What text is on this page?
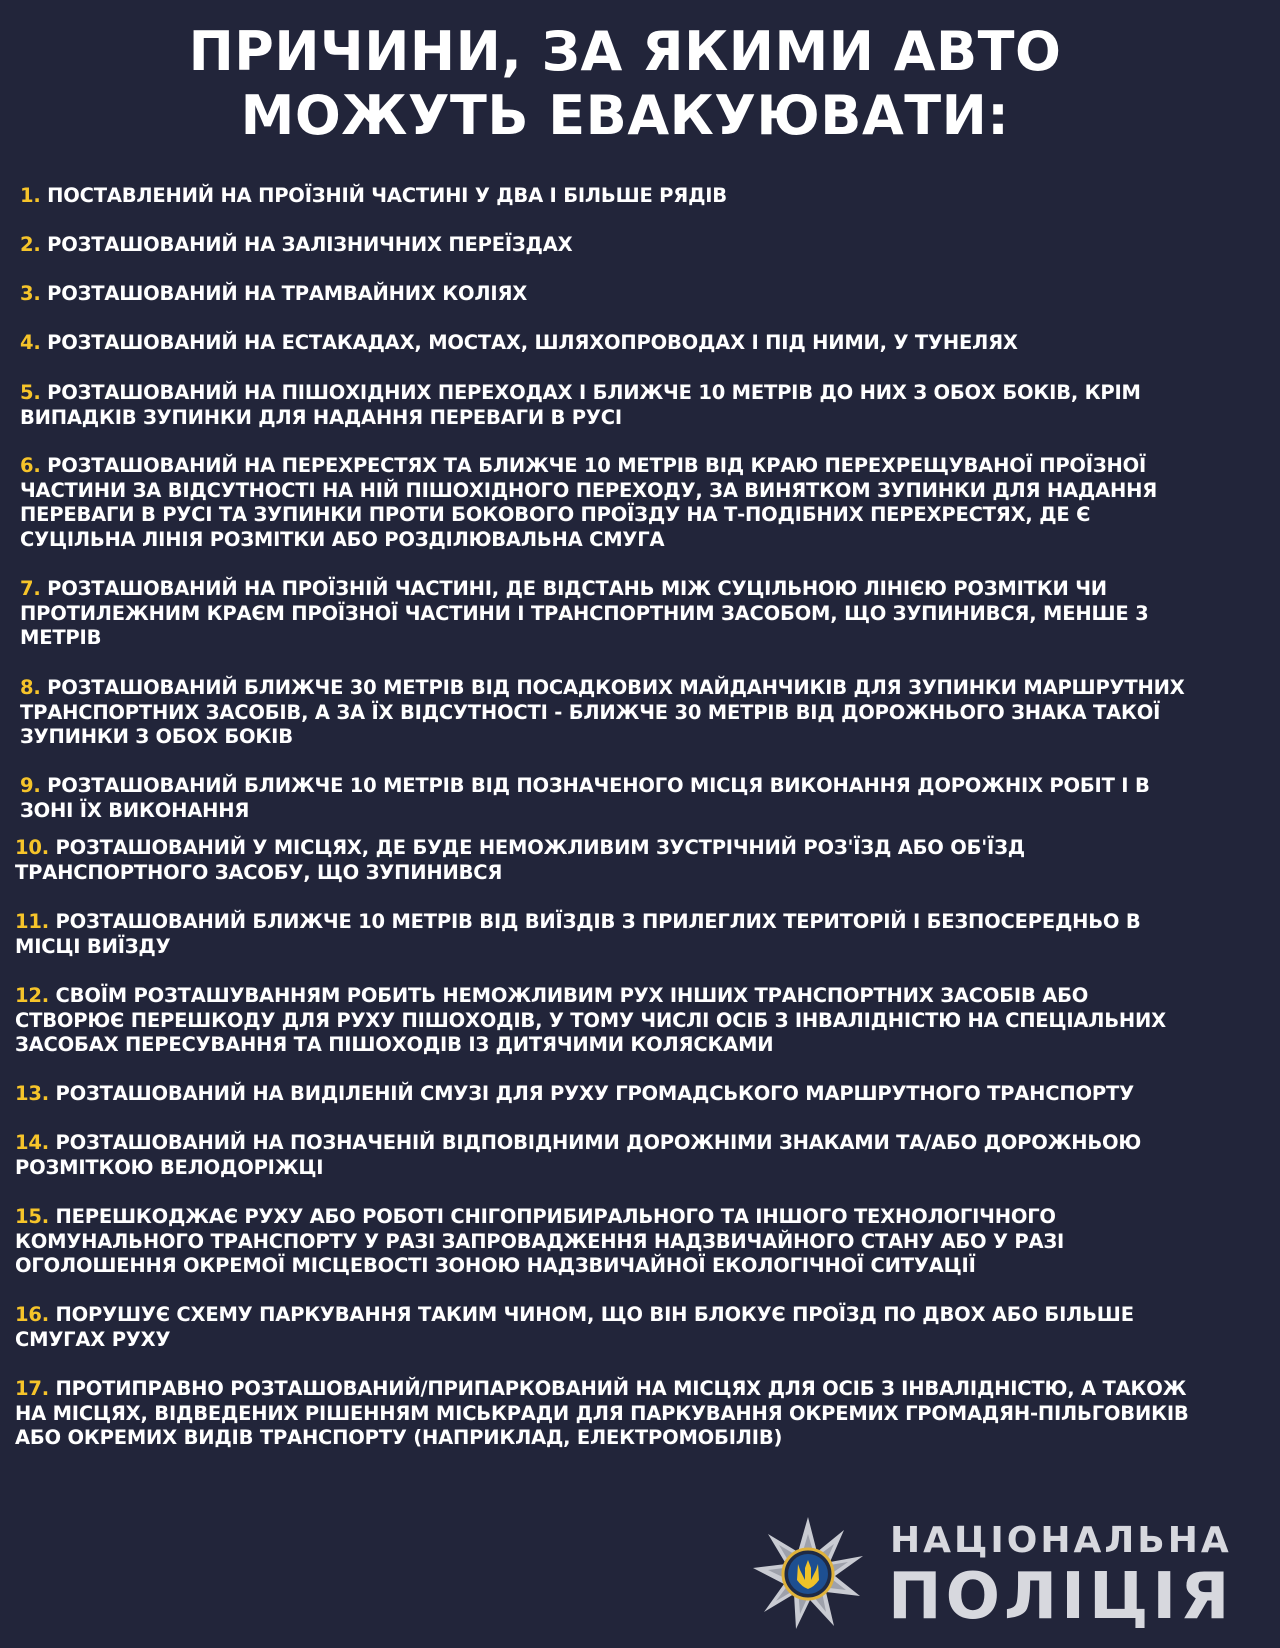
ПРИЧИНИ, ЗА ЯКИМИ АВТО
МОЖУТЬ ЕВАКУЮВАТИ:
1. ПОСТАВЛЕНИЙ НА ПРОЇЗНІЙ ЧАСТИНІ У ДВА І БІЛЬШЕ РЯДІВ
2. РОЗТАШОВАНИЙ НА ЗАЛІЗНИЧНИХ ПЕРЕЇЗДАХ
3. РОЗТАШОВАНИЙ НА ТРАМВАЙНИХ КОЛІЯХ
4. РОЗТАШОВАНИЙ НА ЕСТАКАДАХ, МОСТАХ, ШЛЯХОПРОВОДАХ І ПІД НИМИ, У ТУНЕЛЯХ
5. РОЗТАШОВАНИЙ НА ПІШОХІДНИХ ПЕРЕХОДАХ І БЛИЖЧЕ 10 МЕТРІВ ДО НИХ З ОБОХ БОКІВ, КРІМ ВИПАДКІВ ЗУПИНКИ ДЛЯ НАДАННЯ ПЕРЕВАГИ В РУСІ
6. РОЗТАШОВАНИЙ НА ПЕРЕХРЕСТЯХ ТА БЛИЖЧЕ 10 МЕТРІВ ВІД КРАЮ ПЕРЕХРЕЩУВАНОЇ ПРОЇЗНОЇ ЧАСТИНИ ЗА ВІДСУТНОСТІ НА НІЙ ПІШОХІДНОГО ПЕРЕХОДУ, ЗА ВИНЯТКОМ ЗУПИНКИ ДЛЯ НАДАННЯ ПЕРЕВАГИ В РУСІ ТА ЗУПИНКИ ПРОТИ БОКОВОГО ПРОЇЗДУ НА Т-ПОДІБНИХ ПЕРЕХРЕСТЯХ, ДЕ Є СУЦІЛЬНА ЛІНІЯ РОЗМІТКИ АБО РОЗДІЛЮВАЛЬНА СМУГА
7. РОЗТАШОВАНИЙ НА ПРОЇЗНІЙ ЧАСТИНІ, ДЕ ВІДСТАНЬ МІЖ СУЦІЛЬНОЮ ЛІНІЄЮ РОЗМІТКИ ЧИ ПРОТИЛЕЖНИМ КРАЄМ ПРОЇЗНОЇ ЧАСТИНИ І ТРАНСПОРТНИМ ЗАСОБОМ, ЩО ЗУПИНИВСЯ, МЕНШЕ 3 МЕТРІВ
8. РОЗТАШОВАНИЙ БЛИЖЧЕ 30 МЕТРІВ ВІД ПОСАДКОВИХ МАЙДАНЧИКІВ ДЛЯ ЗУПИНКИ МАРШРУТНИХ ТРАНСПОРТНИХ ЗАСОБІВ, А ЗА ЇХ ВІДСУТНОСТІ - БЛИЖЧЕ 30 МЕТРІВ ВІД ДОРОЖНЬОГО ЗНАКА ТАКОЇ ЗУПИНКИ З ОБОХ БОКІВ
9. РОЗТАШОВАНИЙ БЛИЖЧЕ 10 МЕТРІВ ВІД ПОЗНАЧЕНОГО МІСЦЯ ВИКОНАННЯ ДОРОЖНІХ РОБІТ І В ЗОНІ ЇХ ВИКОНАННЯ
10. РОЗТАШОВАНИЙ У МІСЦЯХ, ДЕ БУДЕ НЕМОЖЛИВИМ ЗУСТРІЧНИЙ РОЗ'ЇЗД АБО ОБ'ЇЗД ТРАНСПОРТНОГО ЗАСОБУ, ЩО ЗУПИНИВСЯ
11. РОЗТАШОВАНИЙ БЛИЖЧЕ 10 МЕТРІВ ВІД ВИЇЗДІВ З ПРИЛЕГЛИХ ТЕРИТОРІЙ І БЕЗПОСЕРЕДНЬО В МІСЦІ ВИЇЗДУ
12. СВОЇМ РОЗТАШУВАННЯМ РОБИТЬ НЕМОЖЛИВИМ РУХ ІНШИХ ТРАНСПОРТНИХ ЗАСОБІВ АБО СТВОРЮЄ ПЕРЕШКОДУ ДЛЯ РУХУ ПІШОХОДІВ, У ТОМУ ЧИСЛІ ОСІБ З ІНВАЛІДНІСТЮ НА СПЕЦІАЛЬНИХ ЗАСОБАХ ПЕРЕСУВАННЯ ТА ПІШОХОДІВ ІЗ ДИТЯЧИМИ КОЛЯСКАМИ
13. РОЗТАШОВАНИЙ НА ВИДІЛЕНІЙ СМУЗІ ДЛЯ РУХУ ГРОМАДСЬКОГО МАРШРУТНОГО ТРАНСПОРТУ
14. РОЗТАШОВАНИЙ НА ПОЗНАЧЕНІЙ ВІДПОВІДНИМИ ДОРОЖНІМИ ЗНАКАМИ ТА/АБО ДОРОЖНЬОЮ РОЗМІТКОЮ ВЕЛОДОРІЖЦІ
15. ПЕРЕШКОДЖАЄ РУХУ АБО РОБОТІ СНІГОПРИБИРАЛЬНОГО ТА ІНШОГО ТЕХНОЛОГІЧНОГО КОМУНАЛЬНОГО ТРАНСПОРТУ У РАЗІ ЗАПРОВАДЖЕННЯ НАДЗВИЧАЙНОГО СТАНУ АБО У РАЗІ ОГОЛОШЕННЯ ОКРЕМОЇ МІСЦЕВОСТІ ЗОНОЮ НАДЗВИЧАЙНОЇ ЕКОЛОГІЧНОЇ СИТУАЦІЇ
16. ПОРУШУЄ СХЕМУ ПАРКУВАННЯ ТАКИМ ЧИНОМ, ЩО ВІН БЛОКУЄ ПРОЇЗД ПО ДВОХ АБО БІЛЬШЕ СМУГАХ РУХУ
17. ПРОТИПРАВНО РОЗТАШОВАНИЙ/ПРИПАРКОВАНИЙ НА МІСЦЯХ ДЛЯ ОСІБ З ІНВАЛІДНІСТЮ, А ТАКОЖ НА МІСЦЯХ, ВІДВЕДЕНИХ РІШЕННЯМ МІСЬКРАДИ ДЛЯ ПАРКУВАННЯ ОКРЕМИХ ГРОМАДЯН-ПІЛЬГОВИКІВ АБО ОКРЕМИХ ВИДІВ ТРАНСПОРТУ (НАПРИКЛАД, ЕЛЕКТРОМОБІЛІВ)
НАЦІОНАЛЬНА
ПОЛІЦІЯ
